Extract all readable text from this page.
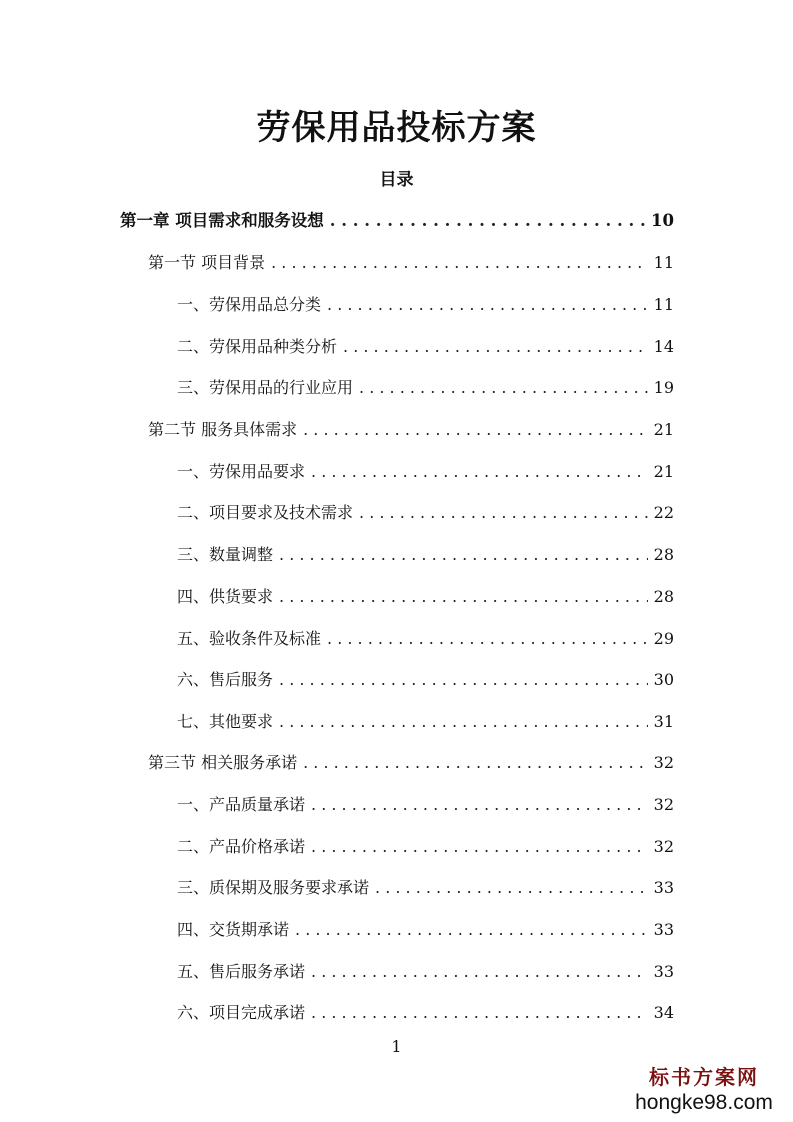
劳保用品投标方案
目录
第一章 项目需求和服务设想 . . .	10
第一节 项目背景 . . .	11
一、劳保用品总分类 . . .	11
二、劳保用品种类分析 . . .	14
三、劳保用品的行业应用 . . .	19
第二节 服务具体需求 . . .	21
一、劳保用品要求 . . .	21
二、项目要求及技术需求 . . .	22
三、数量调整 . . .	28
四、供货要求 . . .	28
五、验收条件及标准 . . .	29
六、售后服务 . . .	30
七、其他要求 . . .	31
第三节 相关服务承诺 . . .	32
一、产品质量承诺 . . .	32
二、产品价格承诺 . . .	32
三、质保期及服务要求承诺 . . .	33
四、交货期承诺 . . .	33
五、售后服务承诺 . . .	33
六、项目完成承诺 . . .	34
1
标书方案网
hongke98.com
